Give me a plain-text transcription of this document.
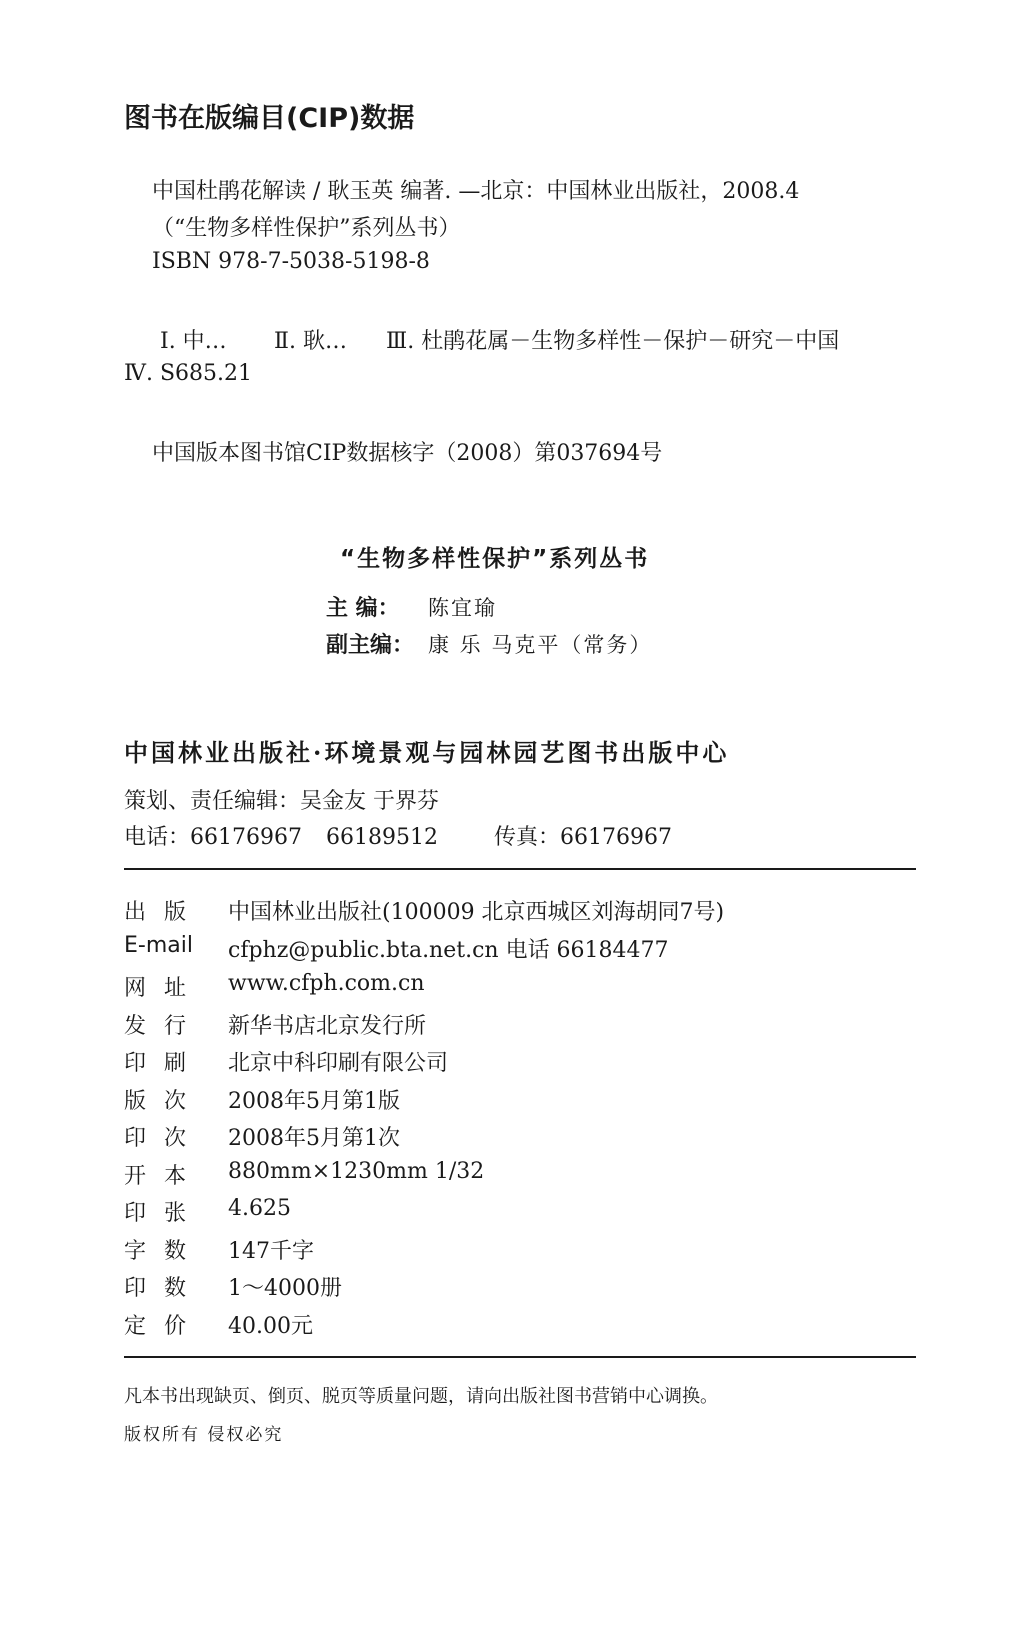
图书在版编目(CIP)数据
中国杜鹃花解读 / 耿玉英 编著. —北京：中国林业出版社，2008.4
（“生物多样性保护”系列丛书）
ISBN 978-7-5038-5198-8
Ⅰ. 中… Ⅱ. 耿… Ⅲ. 杜鹃花属－生物多样性－保护－研究－中国
Ⅳ. S685.21
中国版本图书馆CIP数据核字（2008）第037694号
“生物多样性保护”系列丛书
主 编： 陈宜瑜
副主编： 康 乐 马克平（常务）
中国林业出版社·环境景观与园林园艺图书出版中心
策划、责任编辑：吴金友 于界芬
电话：66176967 66189512	传真：66176967
出版 中国林业出版社(100009 北京西城区刘海胡同7号)
E-mail cfphz@public.bta.net.cn 电话 66184477
网址 www.cfph.com.cn
发行 新华书店北京发行所
印刷 北京中科印刷有限公司
版次 2008年5月第1版
印次 2008年5月第1次
开本 880mm×1230mm 1/32
印张 4.625
字数 147千字
印数 1～4000册
定价 40.00元
凡本书出现缺页、倒页、脱页等质量问题，请向出版社图书营销中心调换。
版权所有 侵权必究
